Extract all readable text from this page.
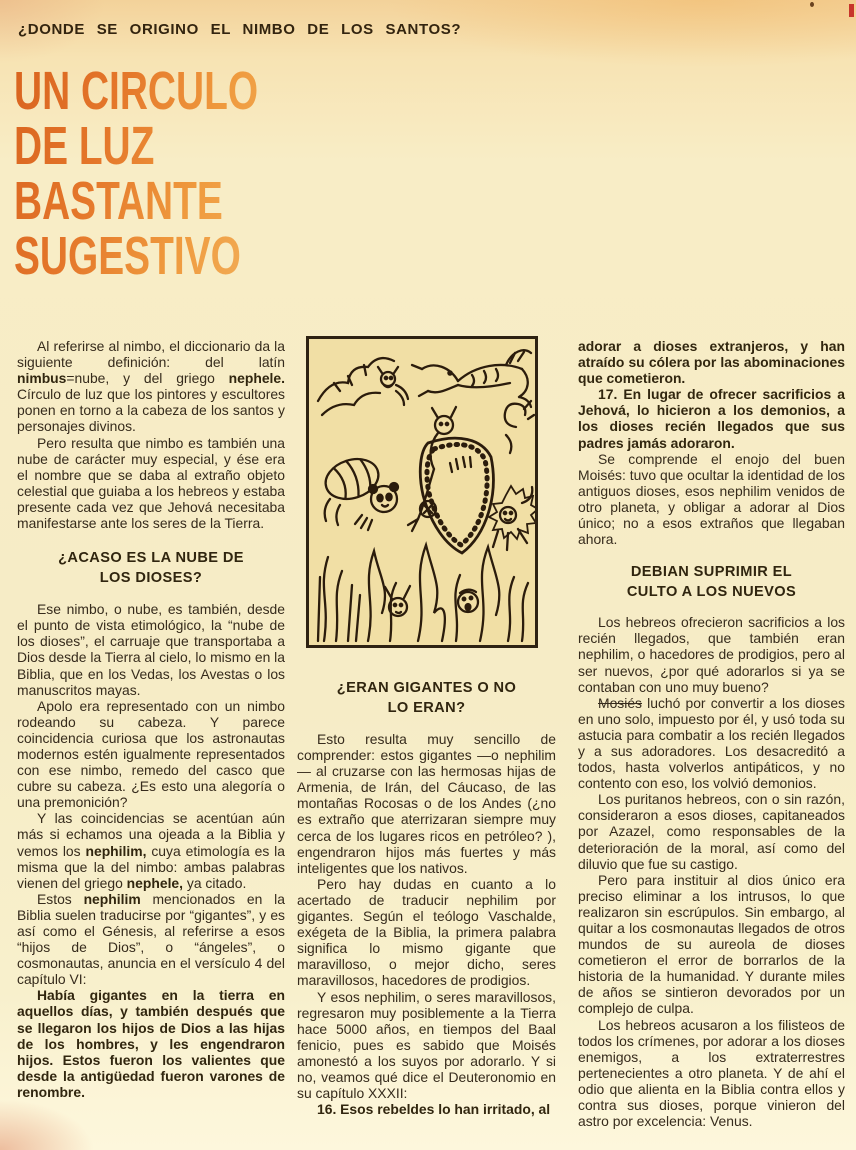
¿DONDE SE ORIGINO EL NIMBO DE LOS SANTOS?
UN CIRCULO
DE LUZ
BASTANTE
SUGESTIVO

Al referirse al nimbo, el diccionario da la siguiente definición: del latín nimbus=nube, y del griego nephele. Círculo de luz que los pintores y escultores ponen en torno a la cabeza de los santos y personajes divinos.

Pero resulta que nimbo es también una nube de carácter muy especial, y ése era el nombre que se daba al extraño objeto celestial que guiaba a los hebreos y estaba presente cada vez que Jehová necesitaba manifestarse ante los seres de la Tierra.

¿ACASO ES LA NUBE DE
LOS DIOSES?

Ese nimbo, o nube, es también, desde el punto de vista etimológico, la “nube de los dioses”, el carruaje que transportaba a Dios desde la Tierra al cielo, lo mismo en la Biblia, que en los Vedas, los Avestas o los manuscritos mayas.

Apolo era representado con un nimbo rodeando su cabeza. Y parece coincidencia curiosa que los astronautas modernos estén igualmente representados con ese nimbo, remedo del casco que cubre su cabeza. ¿Es esto una alegoría o una premonición?

Y las coincidencias se acentúan aún más si echamos una ojeada a la Biblia y vemos los nephilim, cuya etimología es la misma que la del nimbo: ambas palabras vienen del griego nephele, ya citado.

Estos nephilim mencionados en la Biblia suelen traducirse por “gigantes”, y es así como el Génesis, al referirse a esos “hijos de Dios”, o “ángeles”, o cosmonautas, anuncia en el versículo 4 del capítulo VI:

Había gigantes en la tierra en aquellos días, y también después que se llegaron los hijos de Dios a las hijas de los hombres, y les engendraron hijos. Estos fueron los valientes que desde la antigüedad fueron varones de renombre.

¿ERAN GIGANTES O NO
LO ERAN?

Esto resulta muy sencillo de comprender: estos gigantes —o nephilim— al cruzarse con las hermosas hijas de Armenia, de Irán, del Cáucaso, de las montañas Rocosas o de los Andes (¿no es extraño que aterrizaran siempre muy cerca de los lugares ricos en petróleo? ), engendraron hijos más fuertes y más inteligentes que los nativos.

Pero hay dudas en cuanto a lo acertado de traducir nephilim por gigantes. Según el teólogo Vaschalde, exégeta de la Biblia, la primera palabra significa lo mismo gigante que maravilloso, o mejor dicho, seres maravillosos, hacedores de prodigios.

Y esos nephilim, o seres maravillosos, regresaron muy posiblemente a la Tierra hace 5000 años, en tiempos del Baal fenicio, pues es sabido que Moisés amonestó a los suyos por adorarlo. Y si no, veamos qué dice el Deuteronomio en su capítulo XXXII:

16. Esos rebeldes lo han irritado, al

adorar a dioses extranjeros, y han atraído su cólera por las abominaciones que cometieron.

17. En lugar de ofrecer sacrificios a Jehová, lo hicieron a los demonios, a los dioses recién llegados que sus padres jamás adoraron.

Se comprende el enojo del buen Moisés: tuvo que ocultar la identidad de los antiguos dioses, esos nephilim venidos de otro planeta, y obligar a adorar al Dios único; no a esos extraños que llegaban ahora.

DEBIAN SUPRIMIR EL
CULTO A LOS NUEVOS

Los hebreos ofrecieron sacrificios a los recién llegados, que también eran nephilim, o hacedores de prodigios, pero al ser nuevos, ¿por qué adorarlos si ya se contaban con uno muy bueno?

Mosiés luchó por convertir a los dioses en uno solo, impuesto por él, y usó toda su astucia para combatir a los recién llegados y a sus adoradores. Los desacreditó a todos, hasta volverlos antipáticos, y no contento con eso, los volvió demonios.

Los puritanos hebreos, con o sin razón, consideraron a esos dioses, capitaneados por Azazel, como responsables de la deterioración de la moral, así como del diluvio que fue su castigo.

Pero para instituir al dios único era preciso eliminar a los intrusos, lo que realizaron sin escrúpulos. Sin embargo, al quitar a los cosmonautas llegados de otros mundos de su aureola de dioses cometieron el error de borrarlos de la historia de la humanidad. Y durante miles de años se sintieron devorados por un complejo de culpa.

Los hebreos acusaron a los filisteos de todos los crímenes, por adorar a los dioses enemigos, a los extraterrestres pertenecientes a otro planeta. Y de ahí el odio que alienta en la Biblia contra ellos y contra sus dioses, porque vinieron del astro por excelencia: Venus.
